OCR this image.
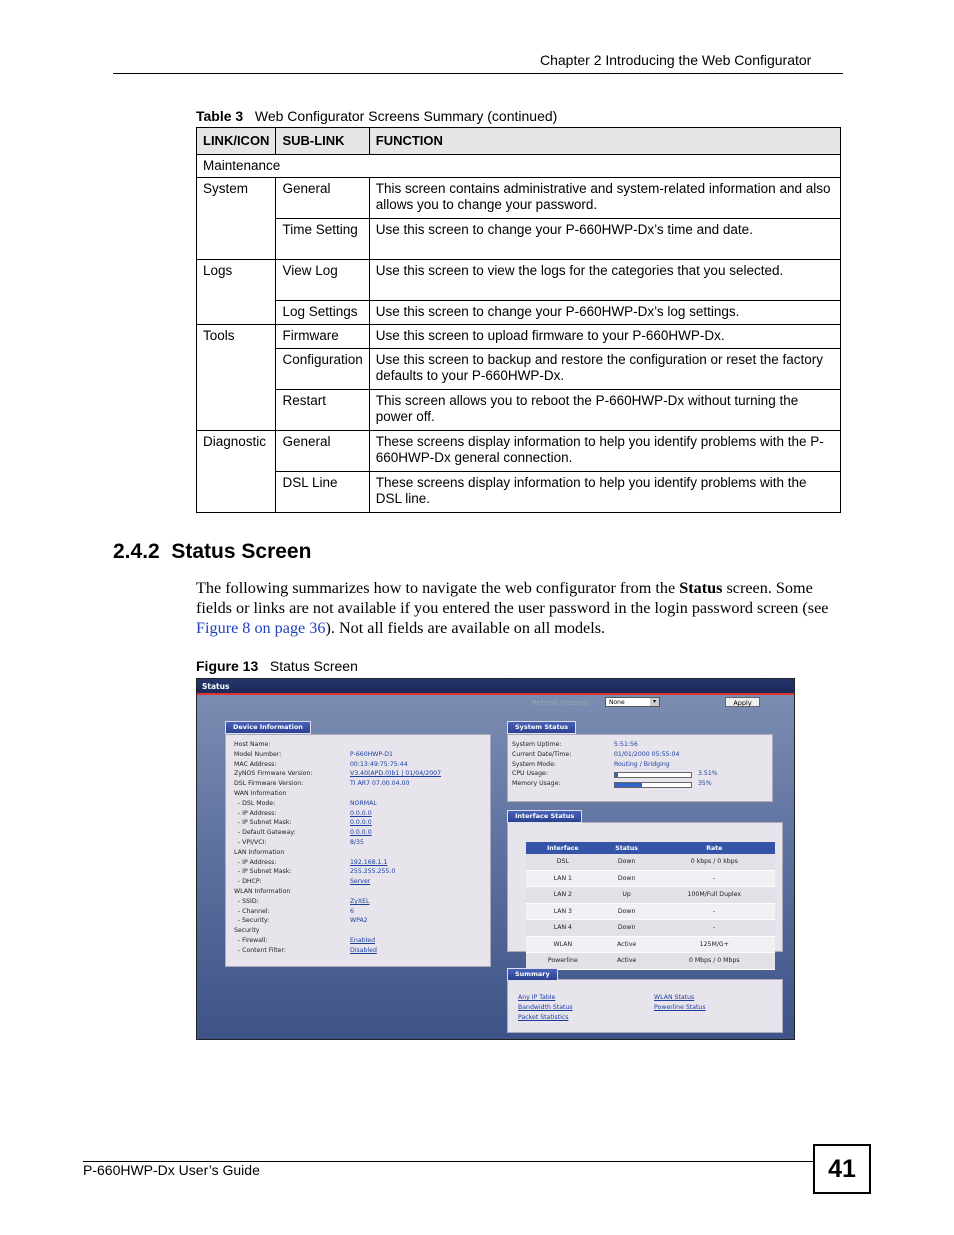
Chapter 2 Introducing the Web Configurator
Table 3 Web Configurator Screens Summary (continued)
LINK/ICON	SUB-LINK	FUNCTION
Maintenance		
System	General	This screen contains administrative and system-related information and also allows you to change your password.
	Time Setting	Use this screen to change your P-660HWP-Dx’s time and date.
Logs	View Log	Use this screen to view the logs for the categories that you selected.
	Log Settings	Use this screen to change your P-660HWP-Dx’s log settings.
Tools	Firmware	Use this screen to upload firmware to your P-660HWP-Dx.
	Configuration	Use this screen to backup and restore the configuration or reset the factory defaults to your P-660HWP-Dx.
	Restart	This screen allows you to reboot the P-660HWP-Dx without turning the power off.
Diagnostic	General	These screens display information to help you identify problems with the P-660HWP-Dx general connection.
	DSL Line	These screens display information to help you identify problems with the DSL line.
2.4.2  Status Screen
The following summarizes how to navigate the web configurator from the Status screen. Some fields or links are not available if you entered the user password in the login password screen (see Figure 8 on page 36). Not all fields are available on all models.
Figure 13 Status Screen
Status
Refresh Interval:	None	▾	Apply
Host Name:
Model Number:	P-660HWP-D1
MAC Address:	00:13:49:75:75:44
ZyNOS Firmware Version:	V3.40(APD.0)b1 | 01/04/2007
DSL Firmware Version:	TI AR7 07.00.04.00
WAN Information
- DSL Mode:	NORMAL
- IP Address:	0.0.0.0
- IP Subnet Mask:	0.0.0.0
- Default Gateway:	0.0.0.0
- VPI/VCI:	8/35
LAN Information
- IP Address:	192.168.1.1
- IP Subnet Mask:	255.255.255.0
- DHCP:	Server
WLAN Information
- SSID:	ZyXEL
- Channel:	6
- Security:	WPA2
Security
- Firewall:	Enabled
- Content Filter:	Disabled
Device Information
System Uptime:	5:51:56
Current Date/Time:	01/01/2000 05:55:04
System Mode:	Routing / Bridging
CPU Usage:	3.51%
Memory Usage:	35%
System Status
Interface	Status	Rate
DSL	Down	0 kbps / 0 kbps
LAN 1	Down	-
LAN 2	Up	100M/Full Duplex
LAN 3	Down	-
LAN 4	Down	-
WLAN	Active	125M/G+
Powerline	Active	0 Mbps / 0 Mbps
Interface Status
Any IP Table
Bandwidth Status
Packet Statistics
WLAN Status
Powerline Status
Summary
P-660HWP-Dx User’s Guide	41
